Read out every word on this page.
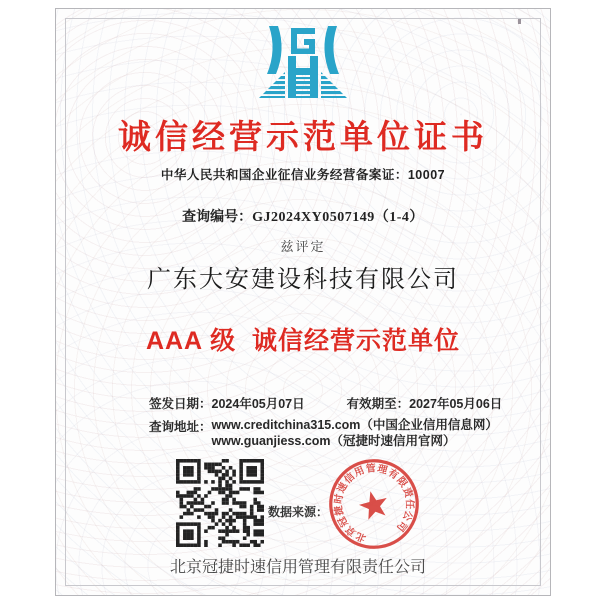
诚信经营示范单位证书
中华人民共和国企业征信业务经营备案证：10007
查询编号：GJ2024XY0507149（1-4）
兹评定
广东大安建设科技有限公司
AAA 级  诚信经营示范单位
签发日期：2024年05月07日	有效期至：2027年05月06日
查询地址： www.creditchina315.com（中国企业信用信息网）
www.guanjiess.com（冠捷时速信用官网）
数据来源：
北京冠捷时速信用管理有限责任公司
北京冠捷时速信用管理有限责任公司
